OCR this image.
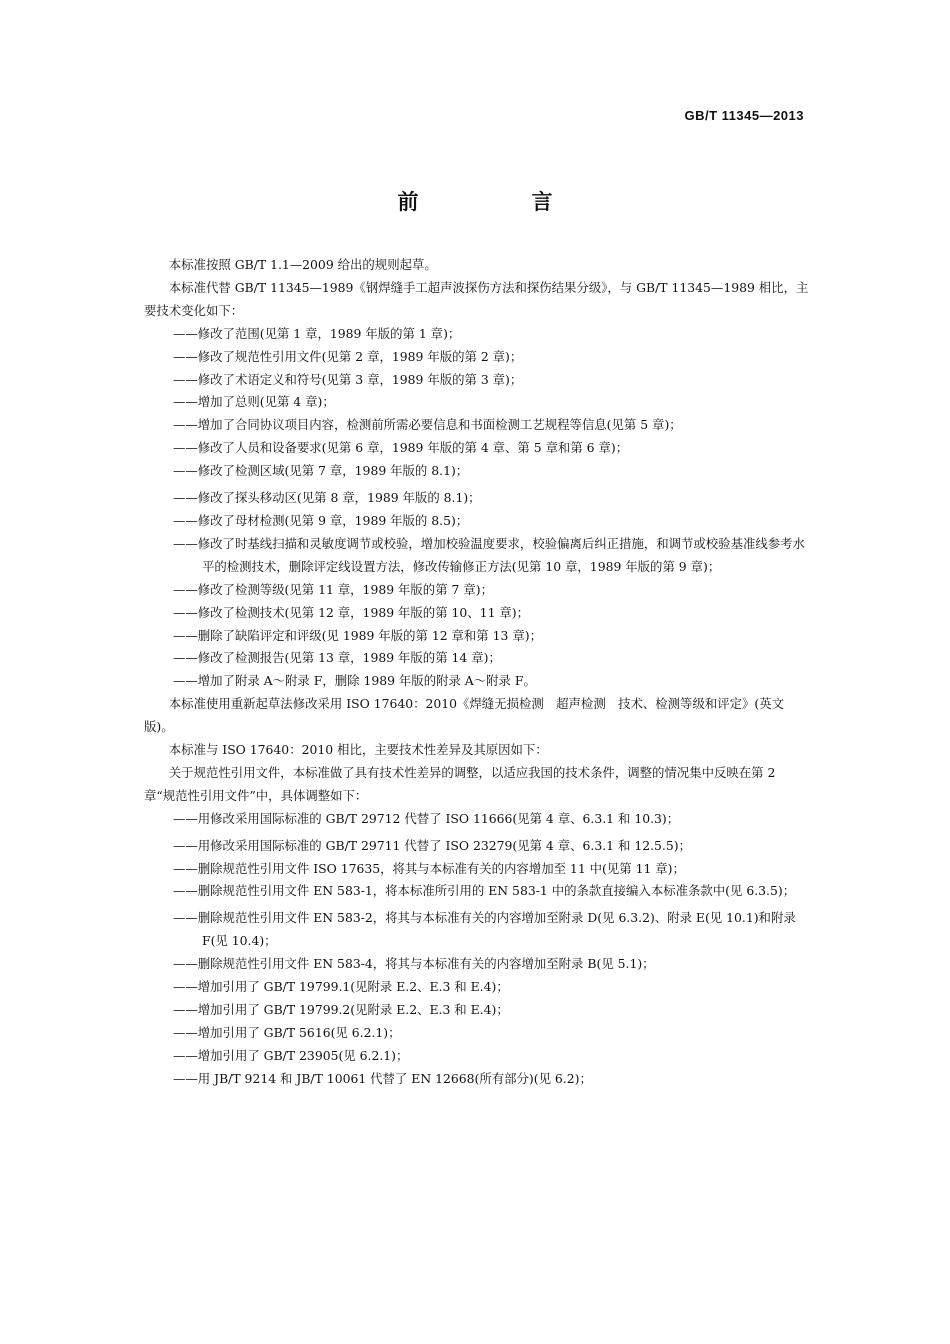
GB/T 11345—2013
前　言

本标准按照 GB/T 1.1—2009 给出的规则起草。

本标准代替 GB/T 11345—1989《钢焊缝手工超声波探伤方法和探伤结果分级》，与 GB/T 11345—1989 相比，主要技术变化如下：

——修改了范围(见第 1 章，1989 年版的第 1 章)；

——修改了规范性引用文件(见第 2 章，1989 年版的第 2 章)；

——修改了术语定义和符号(见第 3 章，1989 年版的第 3 章)；

——增加了总则(见第 4 章)；

——增加了合同协议项目内容，检测前所需必要信息和书面检测工艺规程等信息(见第 5 章)；

——修改了人员和设备要求(见第 6 章，1989 年版的第 4 章、第 5 章和第 6 章)；

——修改了检测区域(见第 7 章，1989 年版的 8.1)；

——修改了探头移动区(见第 8 章，1989 年版的 8.1)；

——修改了母材检测(见第 9 章，1989 年版的 8.5)；

——修改了时基线扫描和灵敏度调节或校验，增加校验温度要求，校验偏离后纠正措施，和调节或校验基准线参考水平的检测技术，删除评定线设置方法，修改传输修正方法(见第 10 章，1989 年版的第 9 章)；

——修改了检测等级(见第 11 章，1989 年版的第 7 章)；

——修改了检测技术(见第 12 章，1989 年版的第 10、11 章)；

——删除了缺陷评定和评级(见 1989 年版的第 12 章和第 13 章)；

——修改了检测报告(见第 13 章，1989 年版的第 14 章)；

——增加了附录 A～附录 F，删除 1989 年版的附录 A～附录 F。

本标准使用重新起草法修改采用 ISO 17640：2010《焊缝无损检测　超声检测　技术、检测等级和评定》(英文版)。

本标准与 ISO 17640：2010 相比，主要技术性差异及其原因如下：

关于规范性引用文件，本标准做了具有技术性差异的调整，以适应我国的技术条件，调整的情况集中反映在第 2 章“规范性引用文件”中，具体调整如下：

——用修改采用国际标准的 GB/T 29712 代替了 ISO 11666(见第 4 章、6.3.1 和 10.3)；

——用修改采用国际标准的 GB/T 29711 代替了 ISO 23279(见第 4 章、6.3.1 和 12.5.5)；

——删除规范性引用文件 ISO 17635，将其与本标准有关的内容增加至 11 中(见第 11 章)；

——删除规范性引用文件 EN 583-1，将本标准所引用的 EN 583-1 中的条款直接编入本标准条款中(见 6.3.5)；

——删除规范性引用文件 EN 583-2，将其与本标准有关的内容增加至附录 D(见 6.3.2)、附录 E(见 10.1)和附录 F(见 10.4)；

——删除规范性引用文件 EN 583-4，将其与本标准有关的内容增加至附录 B(见 5.1)；

——增加引用了 GB/T 19799.1(见附录 E.2、E.3 和 E.4)；

——增加引用了 GB/T 19799.2(见附录 E.2、E.3 和 E.4)；

——增加引用了 GB/T 5616(见 6.2.1)；

——增加引用了 GB/T 23905(见 6.2.1)；

——用 JB/T 9214 和 JB/T 10061 代替了 EN 12668(所有部分)(见 6.2)；
